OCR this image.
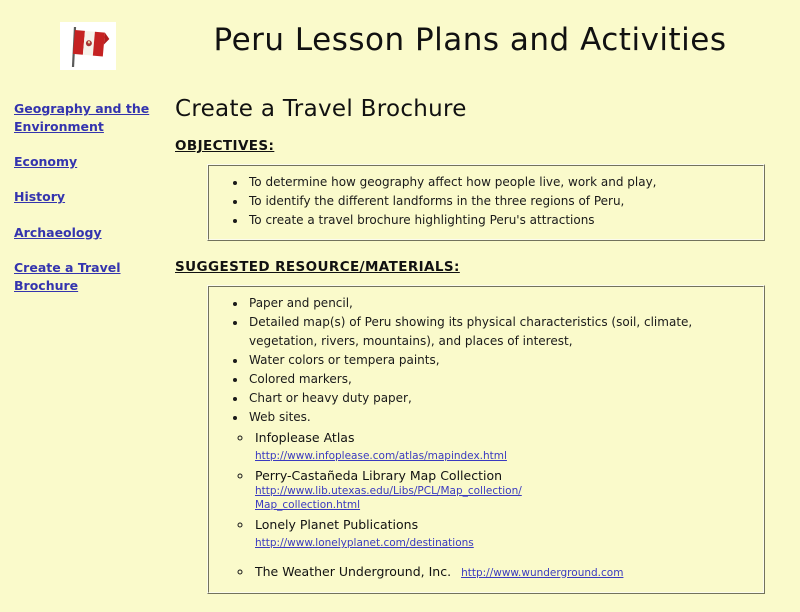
Peru Lesson Plans and Activities
Geography and the Environment
Economy
History
Archaeology
Create a Travel Brochure
Create a Travel Brochure
OBJECTIVES:
• To determine how geography affect how people live, work and play,
• To identify the different landforms in the three regions of Peru,
• To create a travel brochure highlighting Peru's attractions
SUGGESTED RESOURCE/MATERIALS:
• Paper and pencil,
• Detailed map(s) of Peru showing its physical characteristics (soil, climate, vegetation, rivers, mountains), and places of interest,
• Water colors or tempera paints,
• Colored markers,
• Chart or heavy duty paper,
• Web sites.
◦ Infoplease Atlas
http://www.infoplease.com/atlas/mapindex.html
◦ Perry-Castañeda Library Map Collection
http://www.lib.utexas.edu/Libs/PCL/Map_collection/
Map_collection.html
◦ Lonely Planet Publications
http://www.lonelyplanet.com/destinations
◦ The Weather Underground, Inc. http://www.wunderground.com
